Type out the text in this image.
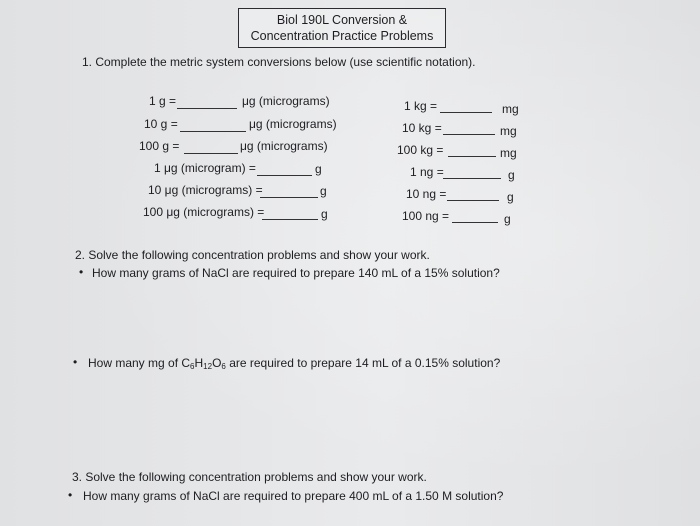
Biol 190L Conversion &
Concentration Practice Problems
1. Complete the metric system conversions below (use scientific notation).
1 g =	μg (micrograms)
10 g =	μg (micrograms)
100 g =	μg (micrograms)
1 μg (microgram) =	g
10 μg (micrograms) =	g
100 μg (micrograms) =	g
1 kg =	mg
10 kg =	mg
100 kg =	mg
1 ng =	g
10 ng =	g
100 ng =	g
2. Solve the following concentration problems and show your work.
• How many grams of NaCl are required to prepare 140 mL of a 15% solution?
• How many mg of $C_6H_{12}O_6$ are required to prepare 14 mL of a 0.15% solution?
3. Solve the following concentration problems and show your work.
• How many grams of NaCl are required to prepare 400 mL of a 1.50 M solution?
